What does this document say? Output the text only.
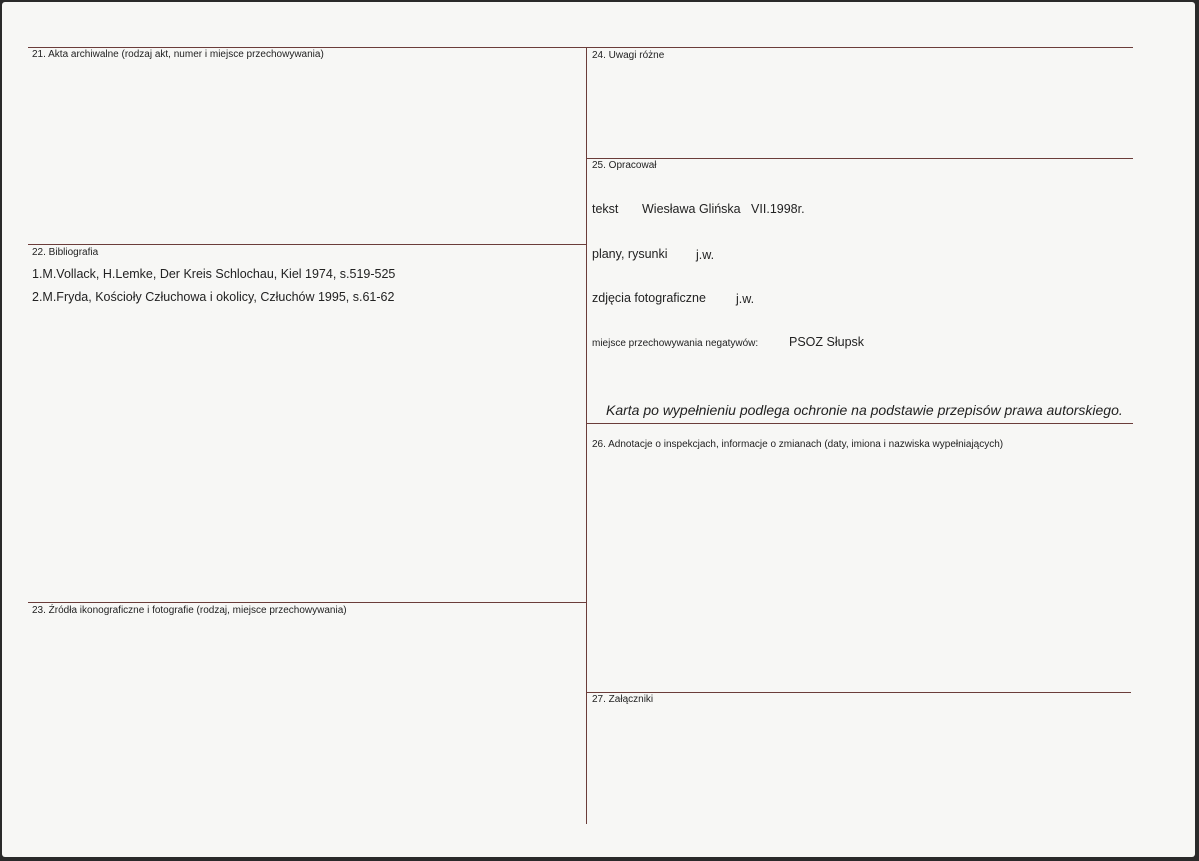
21. Akta archiwalne (rodzaj akt, numer i miejsce przechowywania)
22. Bibliografia
1.M.Vollack, H.Lemke, Der Kreis Schlochau, Kiel 1974, s.519-525
2.M.Fryda, Kościoły Człuchowa i okolicy, Człuchów 1995, s.61-62
23. Źródła ikonograficzne i fotografie (rodzaj, miejsce przechowywania)
24. Uwagi różne
25. Opracował
tekst Wiesława Glińska   VII.1998r.
plany, rysunki j.w.
zdjęcia fotograficzne j.w.
miejsce przechowywania negatywów: PSOZ Słupsk
Karta po wypełnieniu podlega ochronie na podstawie przepisów prawa autorskiego.
26. Adnotacje o inspekcjach, informacje o zmianach (daty, imiona i nazwiska wypełniających)
27. Załączniki
